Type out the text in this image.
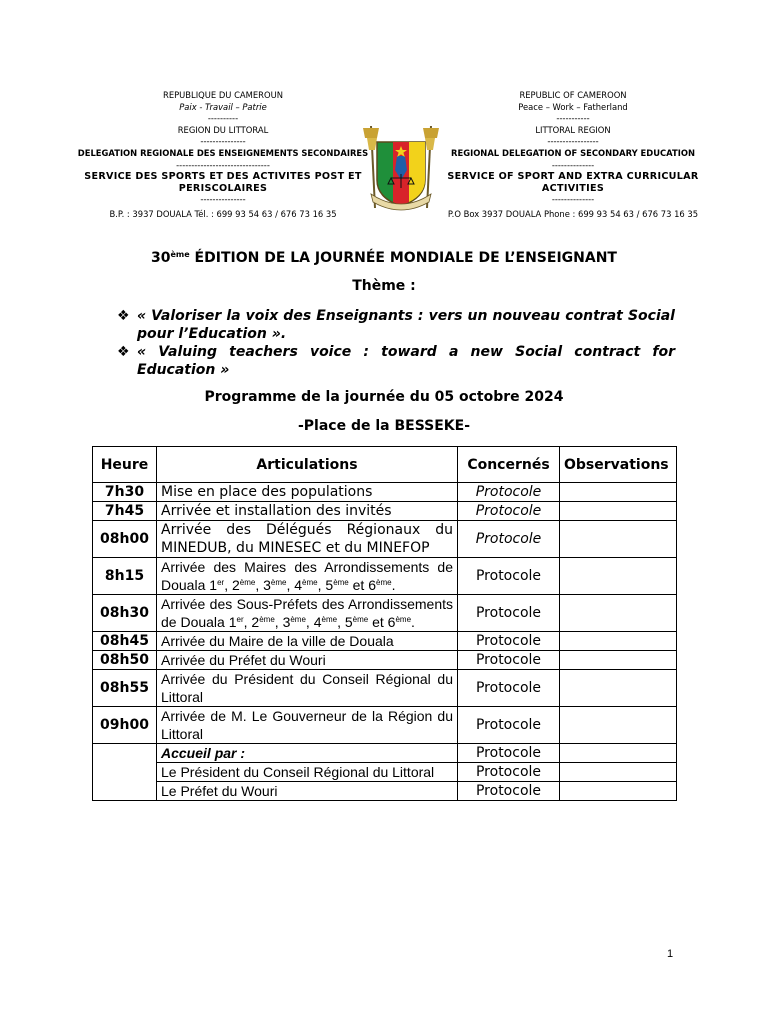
REPUBLIQUE DU CAMEROUN
Paix - Travail – Patrie
----------
REGION DU LITTORAL
---------------
DELEGATION REGIONALE DES ENSEIGNEMENTS SECONDAIRES
-------------------------------
SERVICE DES SPORTS ET DES ACTIVITES POST ET PERISCOLAIRES
---------------
B.P. : 3937 DOUALA Tél. : 699 93 54 63 / 676 73 16 35
REPUBLIC OF CAMEROON
Peace – Work – Fatherland
-----------
LITTORAL REGION
-----------------
REGIONAL DELEGATION OF SECONDARY EDUCATION
--------------
SERVICE OF SPORT AND EXTRA CURRICULAR ACTIVITIES
--------------
P.O Box 3937 DOUALA Phone : 699 93 54 63 / 676 73 16 35
30ème ÉDITION DE LA JOURNÉE MONDIALE DE L’ENSEIGNANT
Thème :
❖ « Valoriser la voix des Enseignants : vers un nouveau contrat Social pour l’Education ».
❖ « Valuing teachers voice : toward a new Social contract for Education »
Programme de la journée du 05 octobre 2024
-Place de la BESSEKE-
Heure	Articulations	Concernés	Observations
7h30	Mise en place des populations	Protocole	
7h45	Arrivée et installation des invités	Protocole	
08h00	Arrivée des Délégués Régionaux du MINEDUB, du MINESEC et du MINEFOP	Protocole	
8h15	Arrivée des Maires des Arrondissements de Douala 1er, 2ème, 3ème, 4ème, 5ème et 6ème.	Protocole	
08h30	Arrivée des Sous-Préfets des Arrondissements de Douala 1er, 2ème, 3ème, 4ème, 5ème et 6ème.	Protocole	
08h45	Arrivée du Maire de la ville de Douala	Protocole	
08h50	Arrivée du Préfet du Wouri	Protocole	
08h55	Arrivée du Président du Conseil Régional du Littoral	Protocole	
09h00	Arrivée de M. Le Gouverneur de la Région du Littoral	Protocole	
	Accueil par :	Protocole	
	Le Président du Conseil Régional du Littoral	Protocole	
	Le Préfet du Wouri	Protocole	
1
